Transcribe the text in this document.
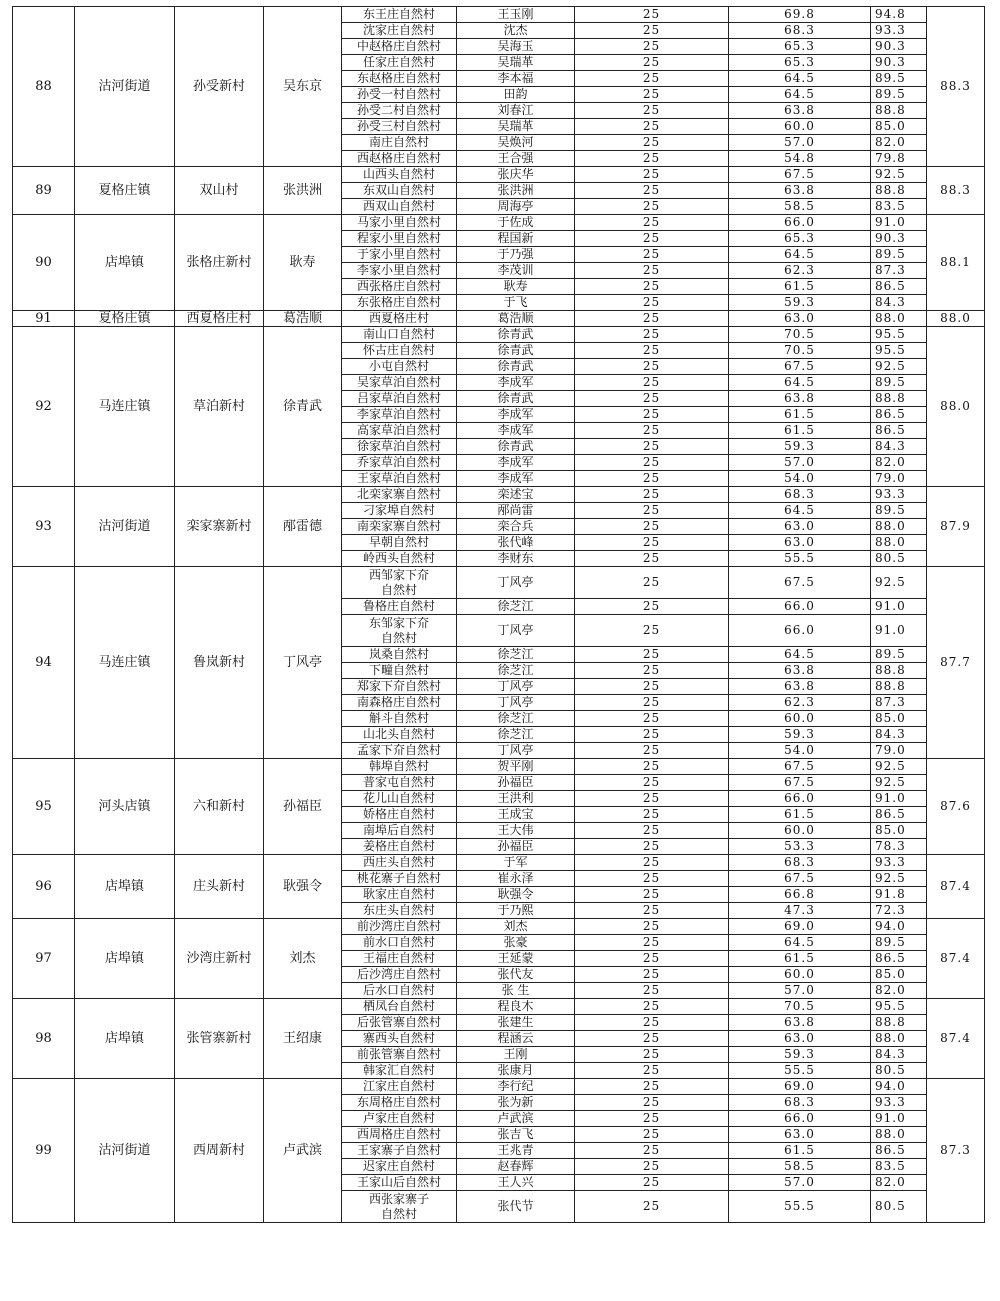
88	沽河街道	孙受新村	吴东京	东王庄自然村	王玉刚	25	69.8	94.8	88.3
				沈家庄自然村	沈杰	25	68.3	93.3	
				中赵格庄自然村	吴海玉	25	65.3	90.3	
				任家庄自然村	吴瑞革	25	65.3	90.3	
				东赵格庄自然村	李本福	25	64.5	89.5	
				孙受一村自然村	田韵	25	64.5	89.5	
				孙受二村自然村	刘春江	25	63.8	88.8	
				孙受三村自然村	吴瑞革	25	60.0	85.0	
				南庄自然村	吴焕河	25	57.0	82.0	
				西赵格庄自然村	王合强	25	54.8	79.8	
89	夏格庄镇	双山村	张洪洲	山西头自然村	张庆华	25	67.5	92.5	88.3
				东双山自然村	张洪洲	25	63.8	88.8	
				西双山自然村	周海亭	25	58.5	83.5	
90	店埠镇	张格庄新村	耿寿	马家小里自然村	于佐成	25	66.0	91.0	88.1
				程家小里自然村	程国新	25	65.3	90.3	
				于家小里自然村	于乃强	25	64.5	89.5	
				李家小里自然村	李茂训	25	62.3	87.3	
				西张格庄自然村	耿寿	25	61.5	86.5	
				东张格庄自然村	于飞	25	59.3	84.3	
91	夏格庄镇	西夏格庄村	葛浩顺	西夏格庄村	葛浩顺	25	63.0	88.0	88.0
92	马连庄镇	草泊新村	徐青武	南山口自然村	徐青武	25	70.5	95.5	88.0
				怀古庄自然村	徐青武	25	70.5	95.5	
				小屯自然村	徐青武	25	67.5	92.5	
				吴家草泊自然村	李成军	25	64.5	89.5	
				吕家草泊自然村	徐青武	25	63.8	88.8	
				李家草泊自然村	李成军	25	61.5	86.5	
				高家草泊自然村	李成军	25	61.5	86.5	
				徐家草泊自然村	徐青武	25	59.3	84.3	
				乔家草泊自然村	李成军	25	57.0	82.0	
				王家草泊自然村	李成军	25	54.0	79.0	
93	沽河街道	栾家寨新村	邴雷德	北栾家寨自然村	栾述宝	25	68.3	93.3	87.9
				刁家埠自然村	邴尚雷	25	64.5	89.5	
				南栾家寨自然村	栾合兵	25	63.0	88.0	
				早朝自然村	张代峰	25	63.0	88.0	
				岭西头自然村	李财东	25	55.5	80.5	
94	马连庄镇	鲁岚新村	丁风亭	西邹家下夼
自然村	丁风亭	25	67.5	92.5	87.7
				鲁格庄自然村	徐芝江	25	66.0	91.0	
				东邹家下夼
自然村	丁风亭	25	66.0	91.0	
				岚桑自然村	徐芝江	25	64.5	89.5	
				下疃自然村	徐芝江	25	63.8	88.8	
				郑家下夼自然村	丁风亭	25	63.8	88.8	
				南森格庄自然村	丁风亭	25	62.3	87.3	
				斛斗自然村	徐芝江	25	60.0	85.0	
				山北头自然村	徐芝江	25	59.3	84.3	
				孟家下夼自然村	丁风亭	25	54.0	79.0	
95	河头店镇	六和新村	孙福臣	韩埠自然村	贺平刚	25	67.5	92.5	87.6
				普家屯自然村	孙福臣	25	67.5	92.5	
				花儿山自然村	王洪利	25	66.0	91.0	
				娇格庄自然村	王成宝	25	61.5	86.5	
				南埠后自然村	王大伟	25	60.0	85.0	
				姜格庄自然村	孙福臣	25	53.3	78.3	
96	店埠镇	庄头新村	耿强令	西庄头自然村	于军	25	68.3	93.3	87.4
				桃花寨子自然村	崔永泽	25	67.5	92.5	
				耿家庄自然村	耿强令	25	66.8	91.8	
				东庄头自然村	于乃熙	25	47.3	72.3	
97	店埠镇	沙湾庄新村	刘杰	前沙湾庄自然村	刘杰	25	69.0	94.0	87.4
				前水口自然村	张豪	25	64.5	89.5	
				王福庄自然村	王延蒙	25	61.5	86.5	
				后沙湾庄自然村	张代友	25	60.0	85.0	
				后水口自然村	张 生	25	57.0	82.0	
98	店埠镇	张管寨新村	王绍康	栖凤台自然村	程良木	25	70.5	95.5	87.4
				后张管寨自然村	张建生	25	63.8	88.8	
				寨西头自然村	程涵云	25	63.0	88.0	
				前张管寨自然村	王刚	25	59.3	84.3	
				韩家汇自然村	张康月	25	55.5	80.5	
99	沽河街道	西周新村	卢武滨	江家庄自然村	李行纪	25	69.0	94.0	87.3
				东周格庄自然村	张为新	25	68.3	93.3	
				卢家庄自然村	卢武滨	25	66.0	91.0	
				西周格庄自然村	张吉飞	25	63.0	88.0	
				王家寨子自然村	王兆青	25	61.5	86.5	
				迟家庄自然村	赵春辉	25	58.5	83.5	
				王家山后自然村	王人兴	25	57.0	82.0	
				西张家寨子
自然村	张代节	25	55.5	80.5	
